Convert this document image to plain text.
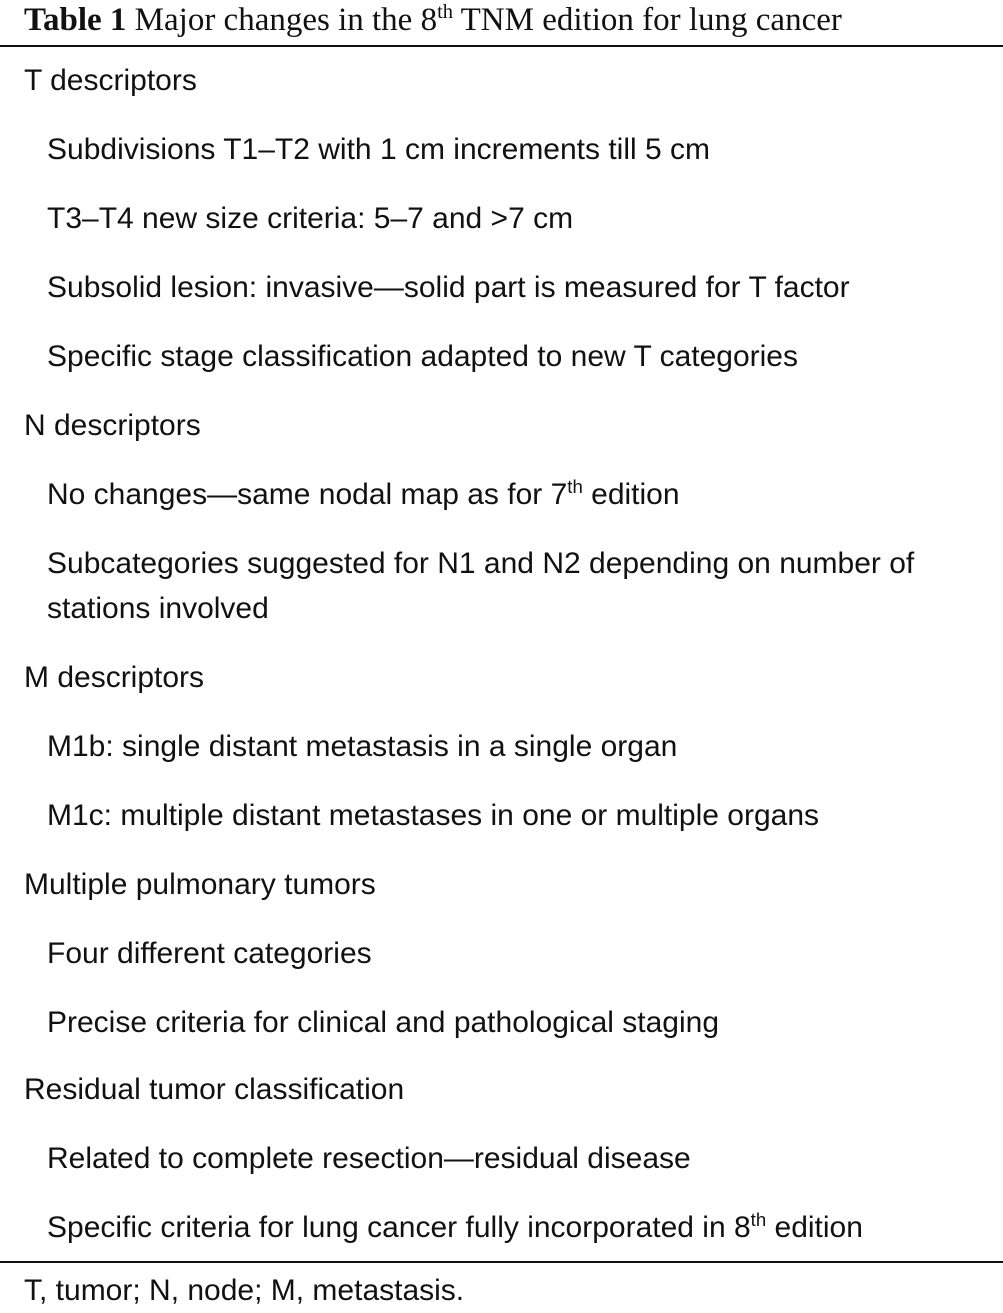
Table 1 Major changes in the 8th TNM edition for lung cancer
T descriptors
Subdivisions T1–T2 with 1 cm increments till 5 cm
T3–T4 new size criteria: 5–7 and >7 cm
Subsolid lesion: invasive—solid part is measured for T factor
Specific stage classification adapted to new T categories
N descriptors
No changes—same nodal map as for 7th edition
Subcategories suggested for N1 and N2 depending on number of stations involved
M descriptors
M1b: single distant metastasis in a single organ
M1c: multiple distant metastases in one or multiple organs
Multiple pulmonary tumors
Four different categories
Precise criteria for clinical and pathological staging
Residual tumor classification
Related to complete resection—residual disease
Specific criteria for lung cancer fully incorporated in 8th edition
T, tumor; N, node; M, metastasis.
